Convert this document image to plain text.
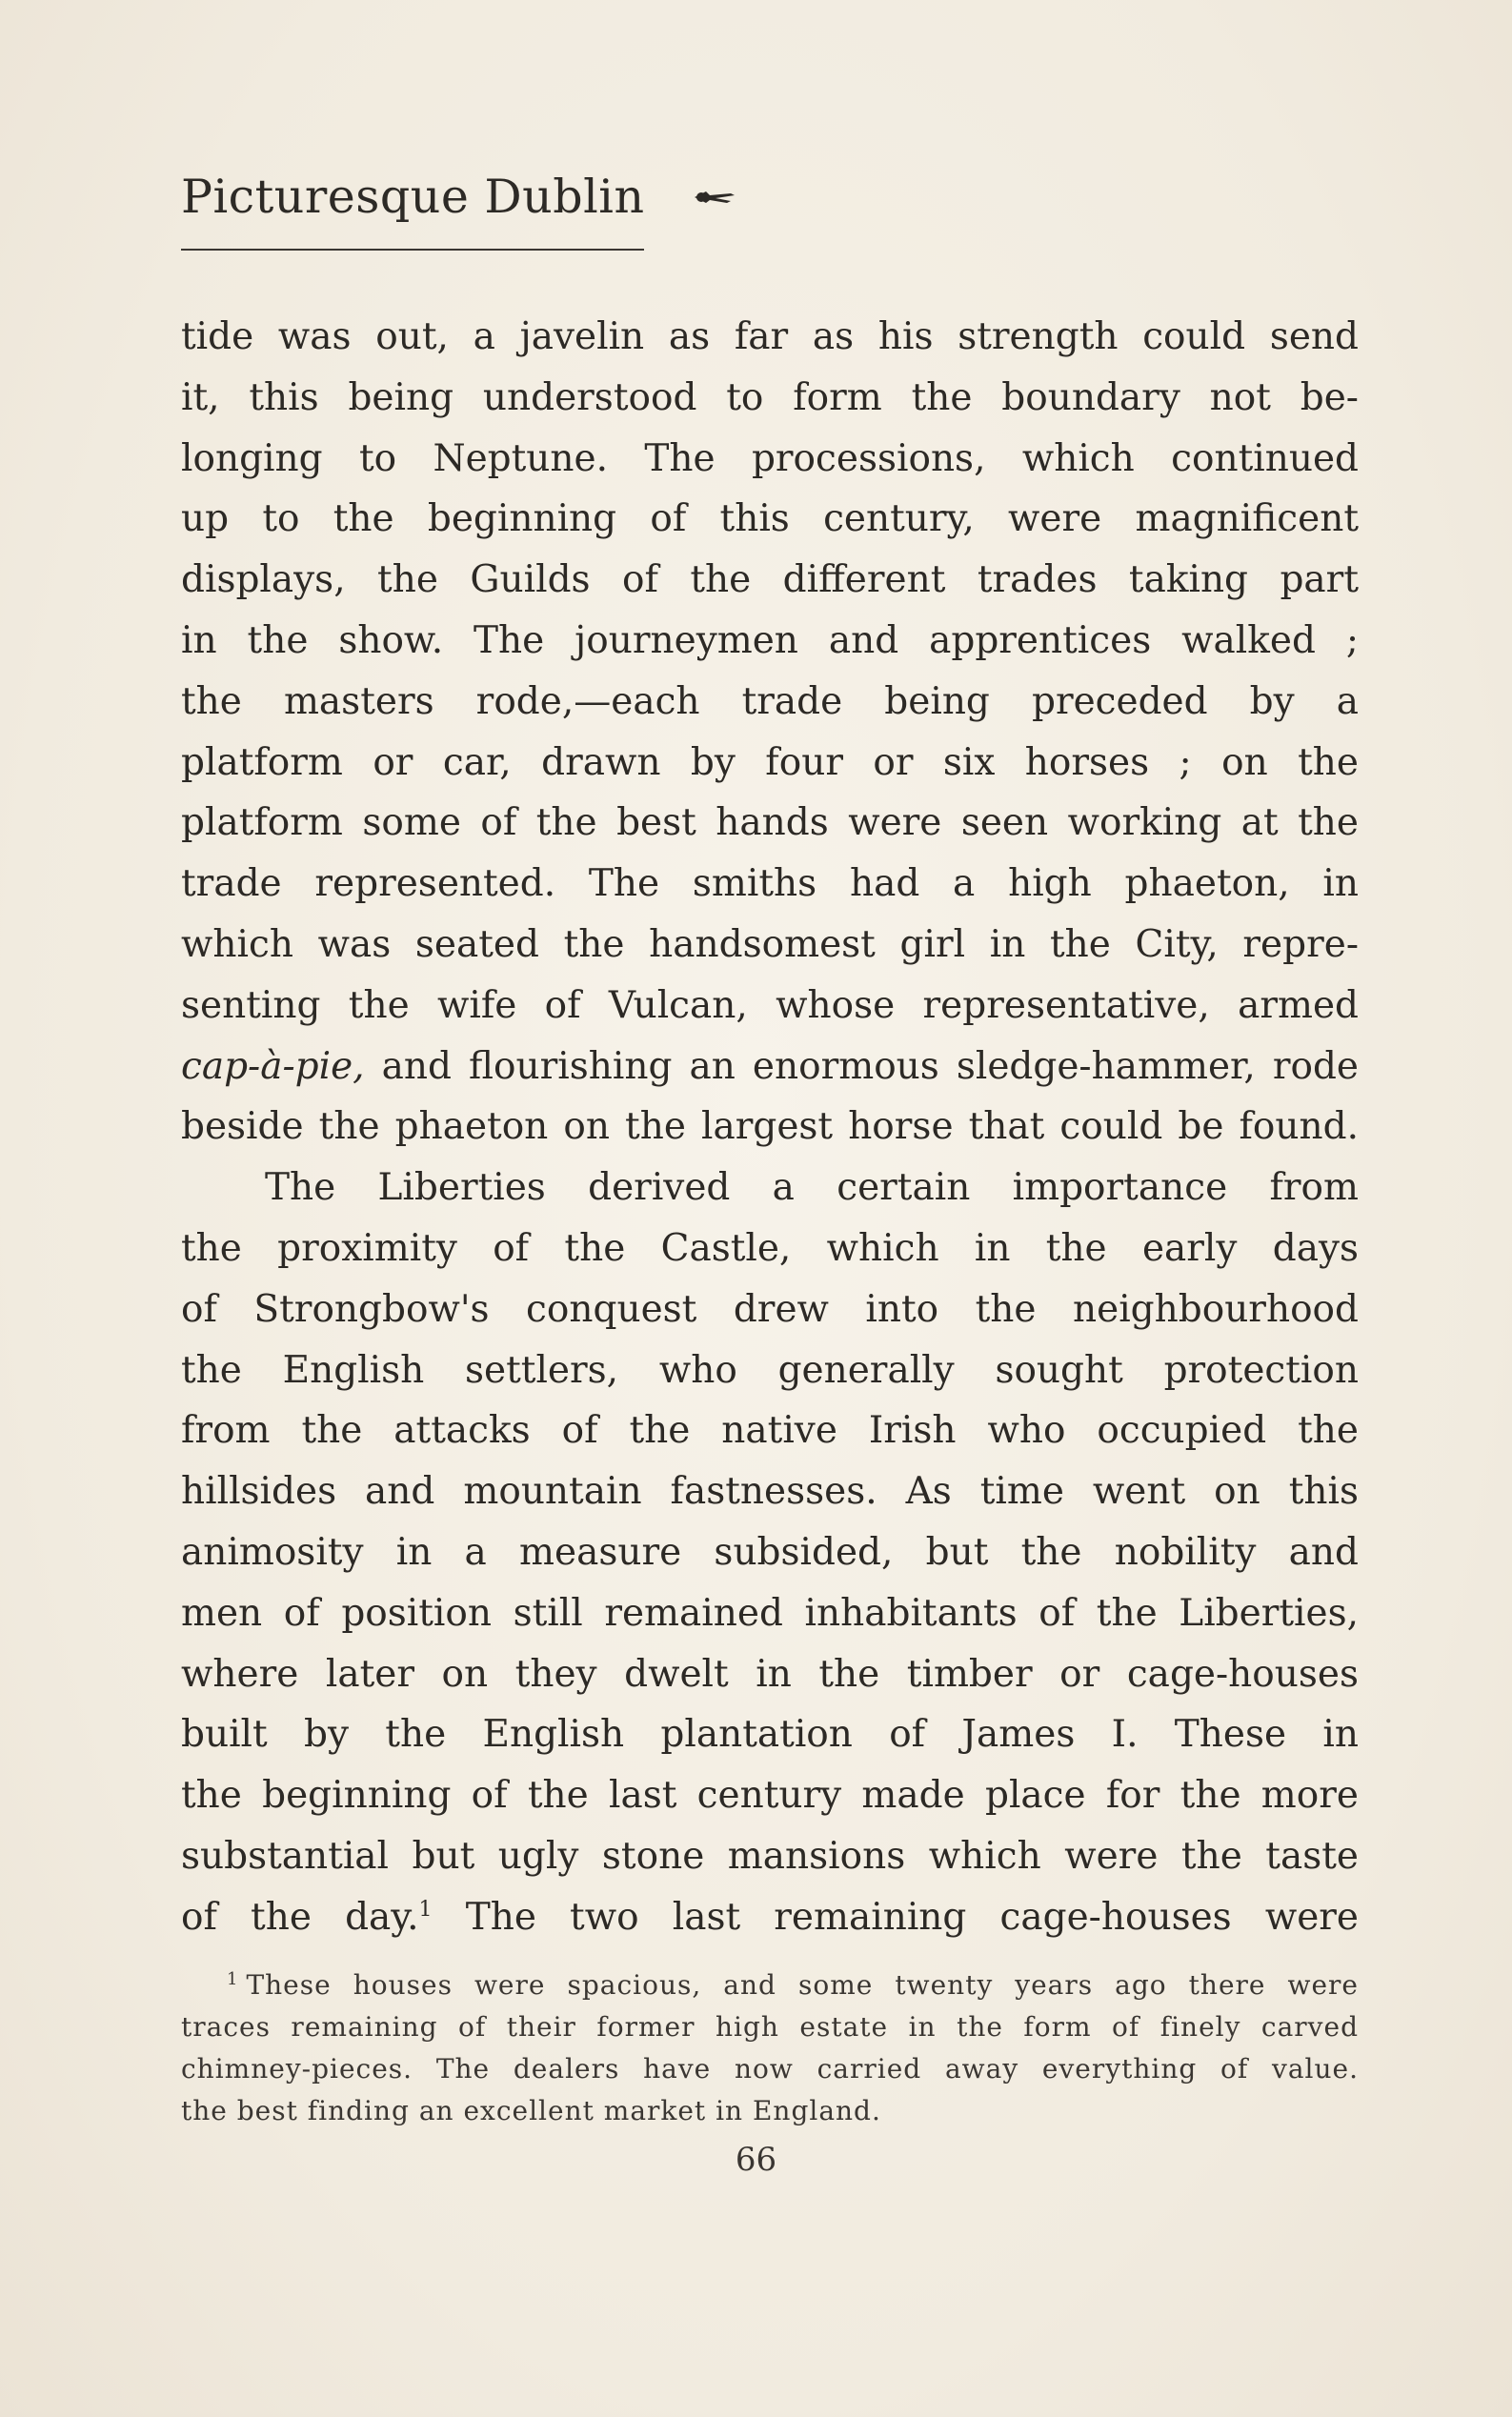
Picturesque Dublin
tide was out, a javelin as far as his strength could send
it, this being understood to form the boundary not be-
longing to Neptune. The processions, which continued
up to the beginning of this century, were magnificent
displays, the Guilds of the different trades taking part
in the show. The journeymen and apprentices walked ;
the masters rode,—each trade being preceded by a
platform or car, drawn by four or six horses ; on the
platform some of the best hands were seen working at the
trade represented. The smiths had a high phaeton, in
which was seated the handsomest girl in the City, repre-
senting the wife of Vulcan, whose representative, armed
cap-à-pie, and flourishing an enormous sledge-hammer, rode
beside the phaeton on the largest horse that could be found.
The Liberties derived a certain importance from
the proximity of the Castle, which in the early days
of Strongbow's conquest drew into the neighbourhood
the English settlers, who generally sought protection
from the attacks of the native Irish who occupied the
hillsides and mountain fastnesses. As time went on this
animosity in a measure subsided, but the nobility and
men of position still remained inhabitants of the Liberties,
where later on they dwelt in the timber or cage-houses
built by the English plantation of James I. These in
the beginning of the last century made place for the more
substantial but ugly stone mansions which were the taste
of the day.$^1$ The two last remaining cage-houses were
$^1$ These houses were spacious, and some twenty years ago there were
traces remaining of their former high estate in the form of finely carved
chimney-pieces. The dealers have now carried away everything of value.
the best finding an excellent market in England.
66
